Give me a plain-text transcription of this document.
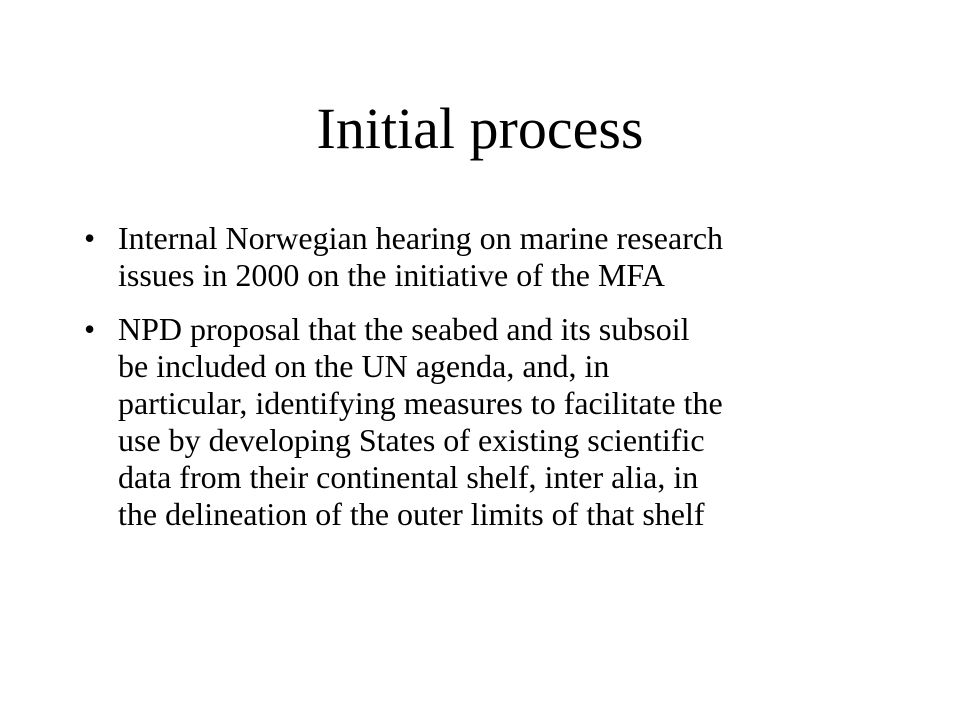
Initial process
• Internal Norwegian hearing on marine research
issues in 2000 on the initiative of the MFA
• NPD proposal that the seabed and its subsoil
be included on the UN agenda, and, in
particular, identifying measures to facilitate the
use by developing States of existing scientific
data from their continental shelf, inter alia, in
the delineation of the outer limits of that shelf
